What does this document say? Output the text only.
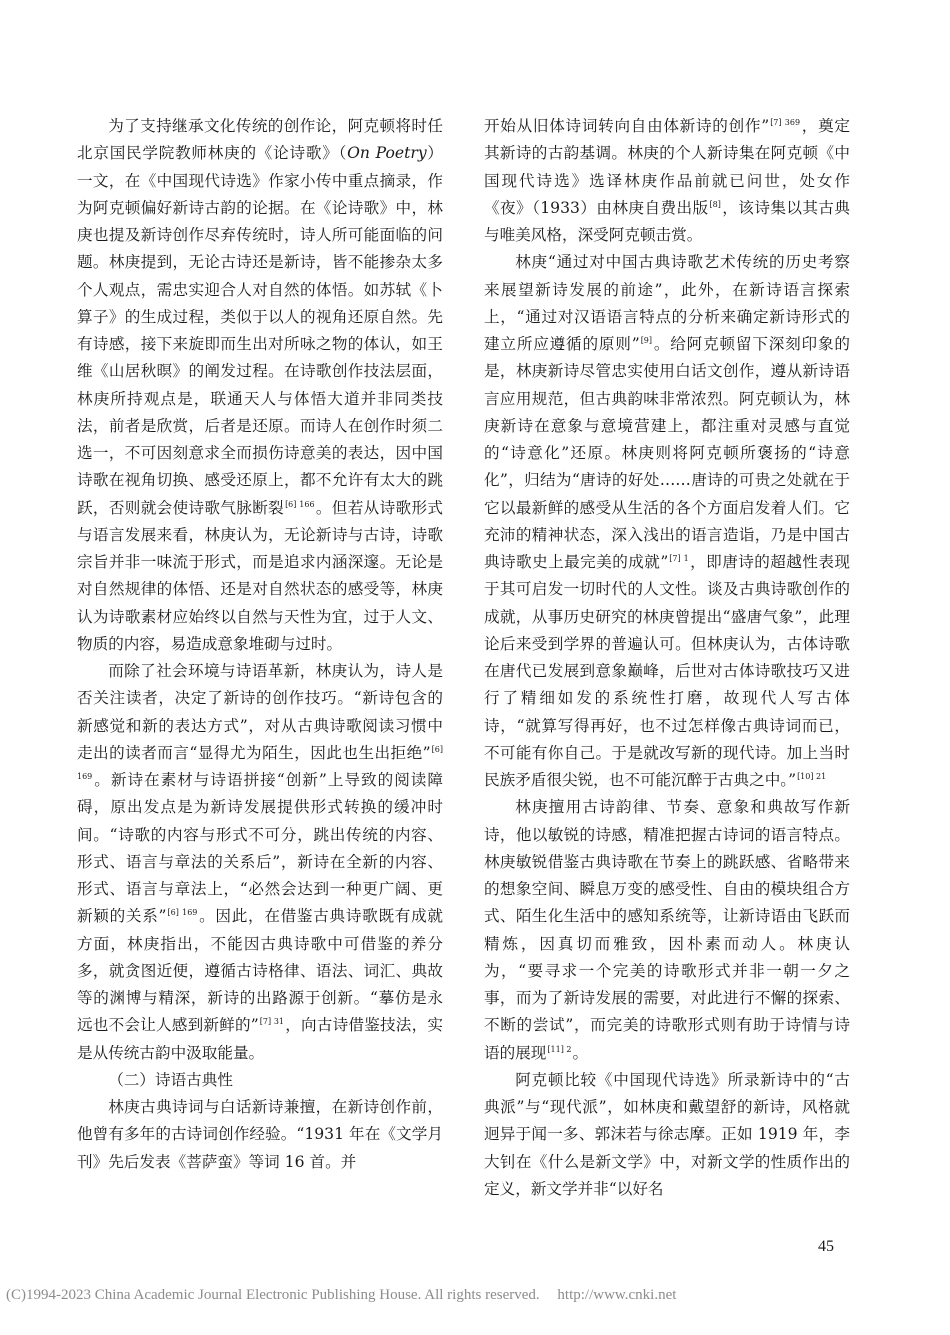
为了支持继承文化传统的创作论，阿克顿将时任北京国民学院教师林庚的《论诗歌》（On Poetry）一文，在《中国现代诗选》作家小传中重点摘录，作为阿克顿偏好新诗古韵的论据。在《论诗歌》中，林庚也提及新诗创作尽弃传统时，诗人所可能面临的问题。林庚提到，无论古诗还是新诗，皆不能掺杂太多个人观点，需忠实迎合人对自然的体悟。如苏轼《卜算子》的生成过程，类似于以人的视角还原自然。先有诗感，接下来旋即而生出对所咏之物的体认，如王维《山居秋暝》的阐发过程。在诗歌创作技法层面，林庚所持观点是，联通天人与体悟大道并非同类技法，前者是欣赏，后者是还原。而诗人在创作时须二选一，不可因刻意求全而损伤诗意美的表达，因中国诗歌在视角切换、感受还原上，都不允许有太大的跳跃，否则就会使诗歌气脉断裂$^{[6] 166}$。但若从诗歌形式与语言发展来看，林庚认为，无论新诗与古诗，诗歌宗旨并非一味流于形式，而是追求内涵深邃。无论是对自然规律的体悟、还是对自然状态的感受等，林庚认为诗歌素材应始终以自然与天性为宜，过于人文、物质的内容，易造成意象堆砌与过时。

而除了社会环境与诗语革新，林庚认为，诗人是否关注读者，决定了新诗的创作技巧。“新诗包含的新感觉和新的表达方式”，对从古典诗歌阅读习惯中走出的读者而言“显得尤为陌生，因此也生出拒绝”$^{[6] 169}$。新诗在素材与诗语拼接“创新”上导致的阅读障碍，原出发点是为新诗发展提供形式转换的缓冲时间。“诗歌的内容与形式不可分，跳出传统的内容、形式、语言与章法的关系后”，新诗在全新的内容、形式、语言与章法上，“必然会达到一种更广阔、更新颖的关系”$^{[6] 169}$。因此，在借鉴古典诗歌既有成就方面，林庚指出，不能因古典诗歌中可借鉴的养分多，就贪图近便，遵循古诗格律、语法、词汇、典故等的渊博与精深，新诗的出路源于创新。“摹仿是永远也不会让人感到新鲜的”$^{[7] 31}$，向古诗借鉴技法，实是从传统古韵中汲取能量。

（二）诗语古典性

林庚古典诗词与白话新诗兼擅，在新诗创作前，他曾有多年的古诗词创作经验。“1931 年在《文学月刊》先后发表《菩萨蛮》等词 16 首。并

开始从旧体诗词转向自由体新诗的创作”$^{[7] 369}$，奠定其新诗的古韵基调。林庚的个人新诗集在阿克顿《中国现代诗选》选译林庚作品前就已问世，处女作《夜》（1933）由林庚自费出版[8]，该诗集以其古典与唯美风格，深受阿克顿击赏。

林庚“通过对中国古典诗歌艺术传统的历史考察来展望新诗发展的前途”，此外，在新诗语言探索上，“通过对汉语语言特点的分析来确定新诗形式的建立所应遵循的原则”[9]。给阿克顿留下深刻印象的是，林庚新诗尽管忠实使用白话文创作，遵从新诗语言应用规范，但古典韵味非常浓烈。阿克顿认为，林庚新诗在意象与意境营建上，都注重对灵感与直觉的“诗意化”还原。林庚则将阿克顿所褒扬的“诗意化”，归结为“唐诗的好处……唐诗的可贵之处就在于它以最新鲜的感受从生活的各个方面启发着人们。它充沛的精神状态，深入浅出的语言造诣，乃是中国古典诗歌史上最完美的成就”$^{[7] 1}$，即唐诗的超越性表现于其可启发一切时代的人文性。谈及古典诗歌创作的成就，从事历史研究的林庚曾提出“盛唐气象”，此理论后来受到学界的普遍认可。但林庚认为，古体诗歌在唐代已发展到意象巅峰，后世对古体诗歌技巧又进行了精细如发的系统性打磨，故现代人写古体诗，“就算写得再好，也不过怎样像古典诗词而已，不可能有你自己。于是就改写新的现代诗。加上当时民族矛盾很尖锐，也不可能沉醉于古典之中。”$^{[10] 21}$

林庚擅用古诗韵律、节奏、意象和典故写作新诗，他以敏锐的诗感，精准把握古诗词的语言特点。林庚敏锐借鉴古典诗歌在节奏上的跳跃感、省略带来的想象空间、瞬息万变的感受性、自由的模块组合方式、陌生化生活中的感知系统等，让新诗语由飞跃而精炼，因真切而雅致，因朴素而动人。林庚认为，“要寻求一个完美的诗歌形式并非一朝一夕之事，而为了新诗发展的需要，对此进行不懈的探索、不断的尝试”，而完美的诗歌形式则有助于诗情与诗语的展现$^{[11] 2}$。

阿克顿比较《中国现代诗选》所录新诗中的“古典派”与“现代派”，如林庚和戴望舒的新诗，风格就迥异于闻一多、郭沫若与徐志摩。正如 1919 年，李大钊在《什么是新文学》中，对新文学的性质作出的定义，新文学并非“以好名

45
(C)1994-2023 China Academic Journal Electronic Publishing House. All rights reserved. http://www.cnki.net
